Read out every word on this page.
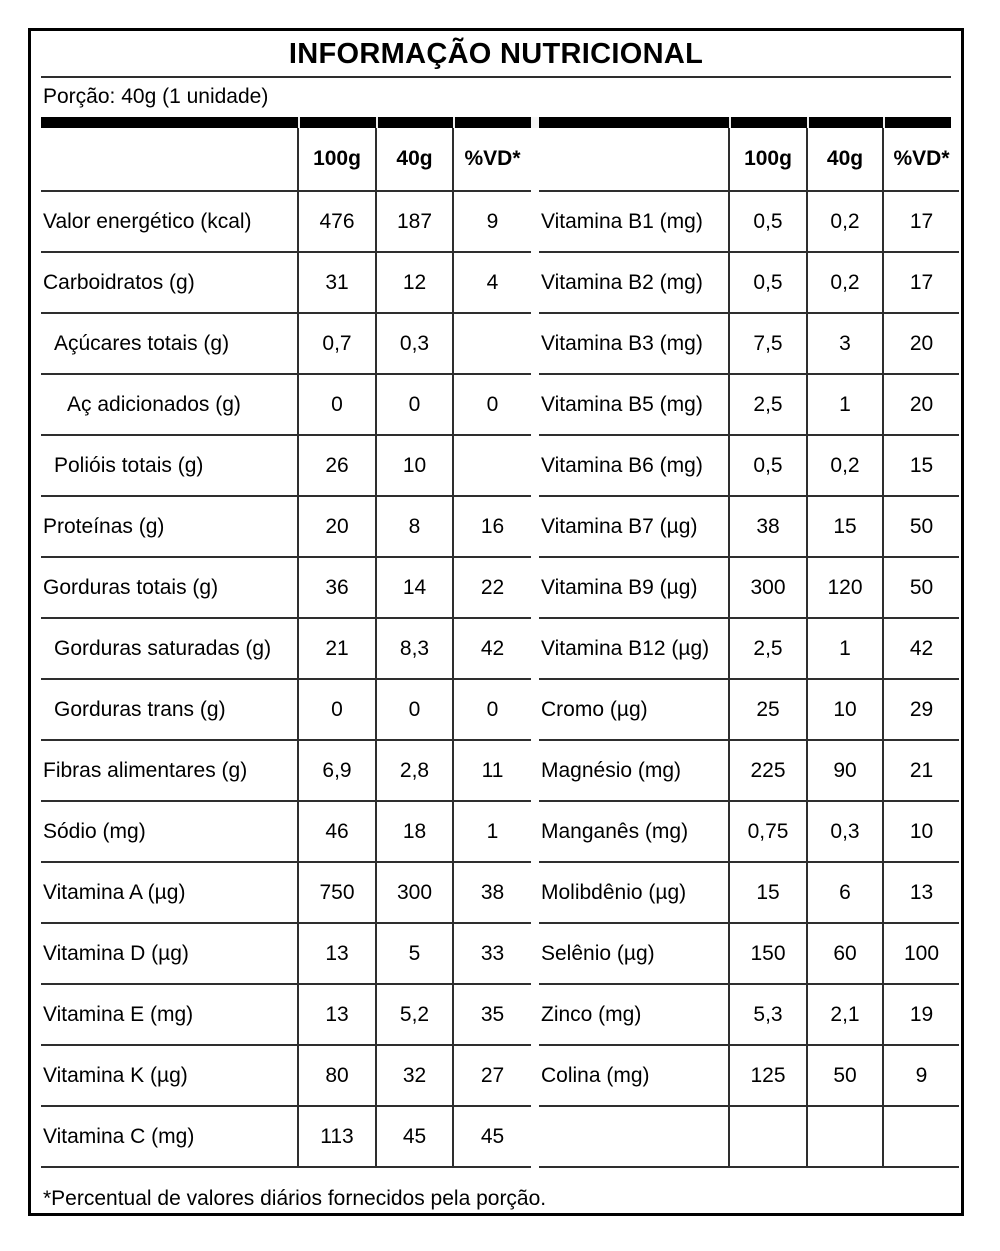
INFORMAÇÃO NUTRICIONAL
Porção: 40g (1 unidade)
	100g	40g	%VD*
Valor energético (kcal)	476	187	9
Carboidratos (g)	31	12	4
Açúcares totais (g)	0,7	0,3	
Aç adicionados (g)	0	0	0
Polióis totais (g)	26	10	
Proteínas (g)	20	8	16
Gorduras totais (g)	36	14	22
Gorduras saturadas (g)	21	8,3	42
Gorduras trans (g)	0	0	0
Fibras alimentares (g)	6,9	2,8	11
Sódio (mg)	46	18	1
Vitamina A (µg)	750	300	38
Vitamina D (µg)	13	5	33
Vitamina E (mg)	13	5,2	35
Vitamina K (µg)	80	32	27
Vitamina C (mg)	113	45	45
	100g	40g	%VD*
Vitamina B1 (mg)	0,5	0,2	17
Vitamina B2 (mg)	0,5	0,2	17
Vitamina B3 (mg)	7,5	3	20
Vitamina B5 (mg)	2,5	1	20
Vitamina B6 (mg)	0,5	0,2	15
Vitamina B7 (µg)	38	15	50
Vitamina B9 (µg)	300	120	50
Vitamina B12 (µg)	2,5	1	42
Cromo (µg)	25	10	29
Magnésio (mg)	225	90	21
Manganês (mg)	0,75	0,3	10
Molibdênio (µg)	15	6	13
Selênio (µg)	150	60	100
Zinco (mg)	5,3	2,1	19
Colina (mg)	125	50	9

*Percentual de valores diários fornecidos pela porção.
